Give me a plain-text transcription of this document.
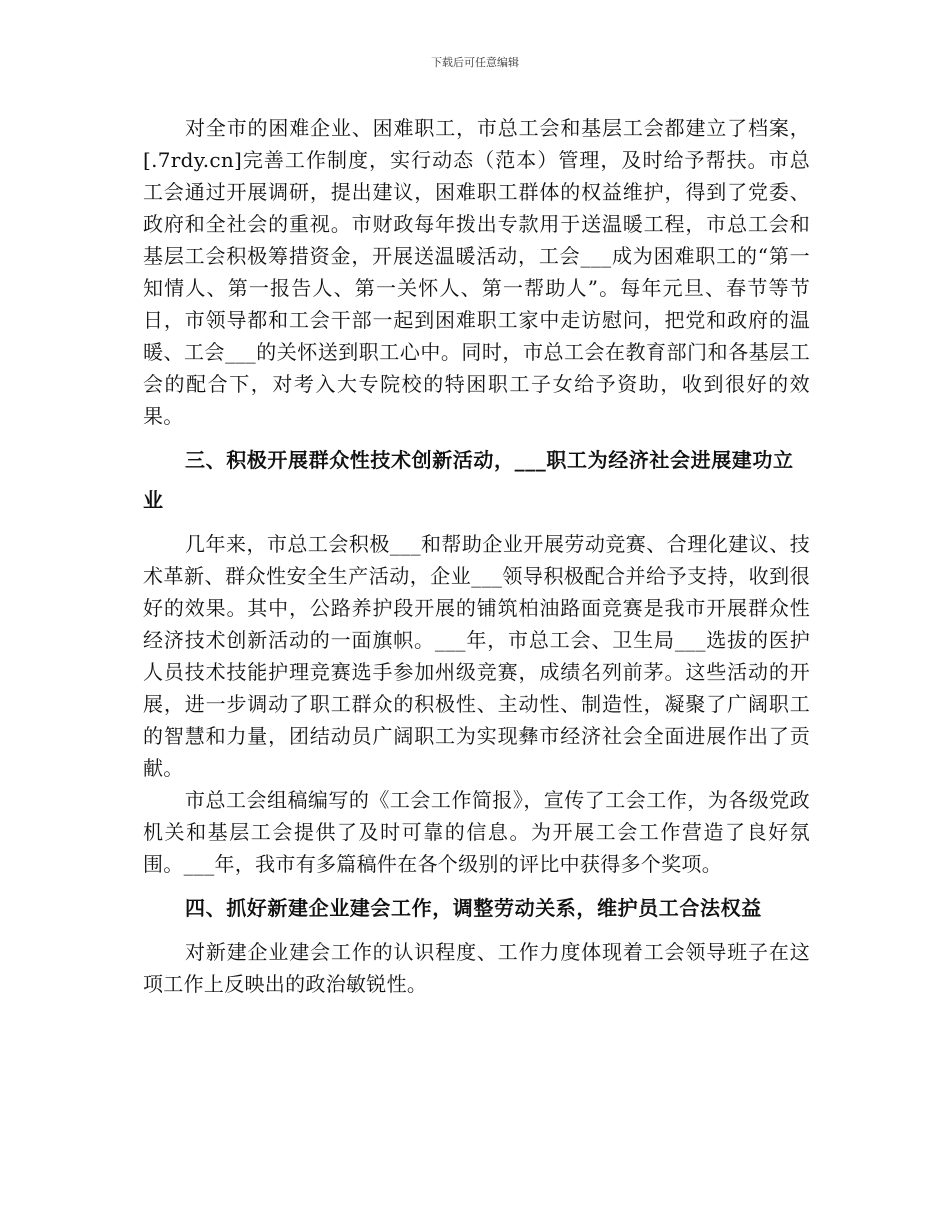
下载后可任意编辑

对全市的困难企业、困难职工，市总工会和基层工会都建立了档案，[.7rdy.cn]完善工作制度，实行动态（范本）管理，及时给予帮扶。市总工会通过开展调研，提出建议，困难职工群体的权益维护，得到了党委、政府和全社会的重视。市财政每年拨出专款用于送温暖工程，市总工会和基层工会积极筹措资金，开展送温暖活动，工会___成为困难职工的“第一知情人、第一报告人、第一关怀人、第一帮助人”。每年元旦、春节等节日，市领导都和工会干部一起到困难职工家中走访慰问，把党和政府的温暖、工会___的关怀送到职工心中。同时，市总工会在教育部门和各基层工会的配合下，对考入大专院校的特困职工子女给予资助，收到很好的效果。

三、积极开展群众性技术创新活动，___职工为经济社会进展建功立业

几年来，市总工会积极___和帮助企业开展劳动竞赛、合理化建议、技术革新、群众性安全生产活动，企业___领导积极配合并给予支持，收到很好的效果。其中，公路养护段开展的铺筑柏油路面竞赛是我市开展群众性经济技术创新活动的一面旗帜。___年，市总工会、卫生局___选拔的医护人员技术技能护理竞赛选手参加州级竞赛，成绩名列前茅。这些活动的开展，进一步调动了职工群众的积极性、主动性、制造性，凝聚了广阔职工的智慧和力量，团结动员广阔职工为实现彝市经济社会全面进展作出了贡献。

市总工会组稿编写的《工会工作简报》，宣传了工会工作，为各级党政机关和基层工会提供了及时可靠的信息。为开展工会工作营造了良好氛围。___年，我市有多篇稿件在各个级别的评比中获得多个奖项。

四、抓好新建企业建会工作，调整劳动关系，维护员工合法权益

对新建企业建会工作的认识程度、工作力度体现着工会领导班子在这项工作上反映出的政治敏锐性。
